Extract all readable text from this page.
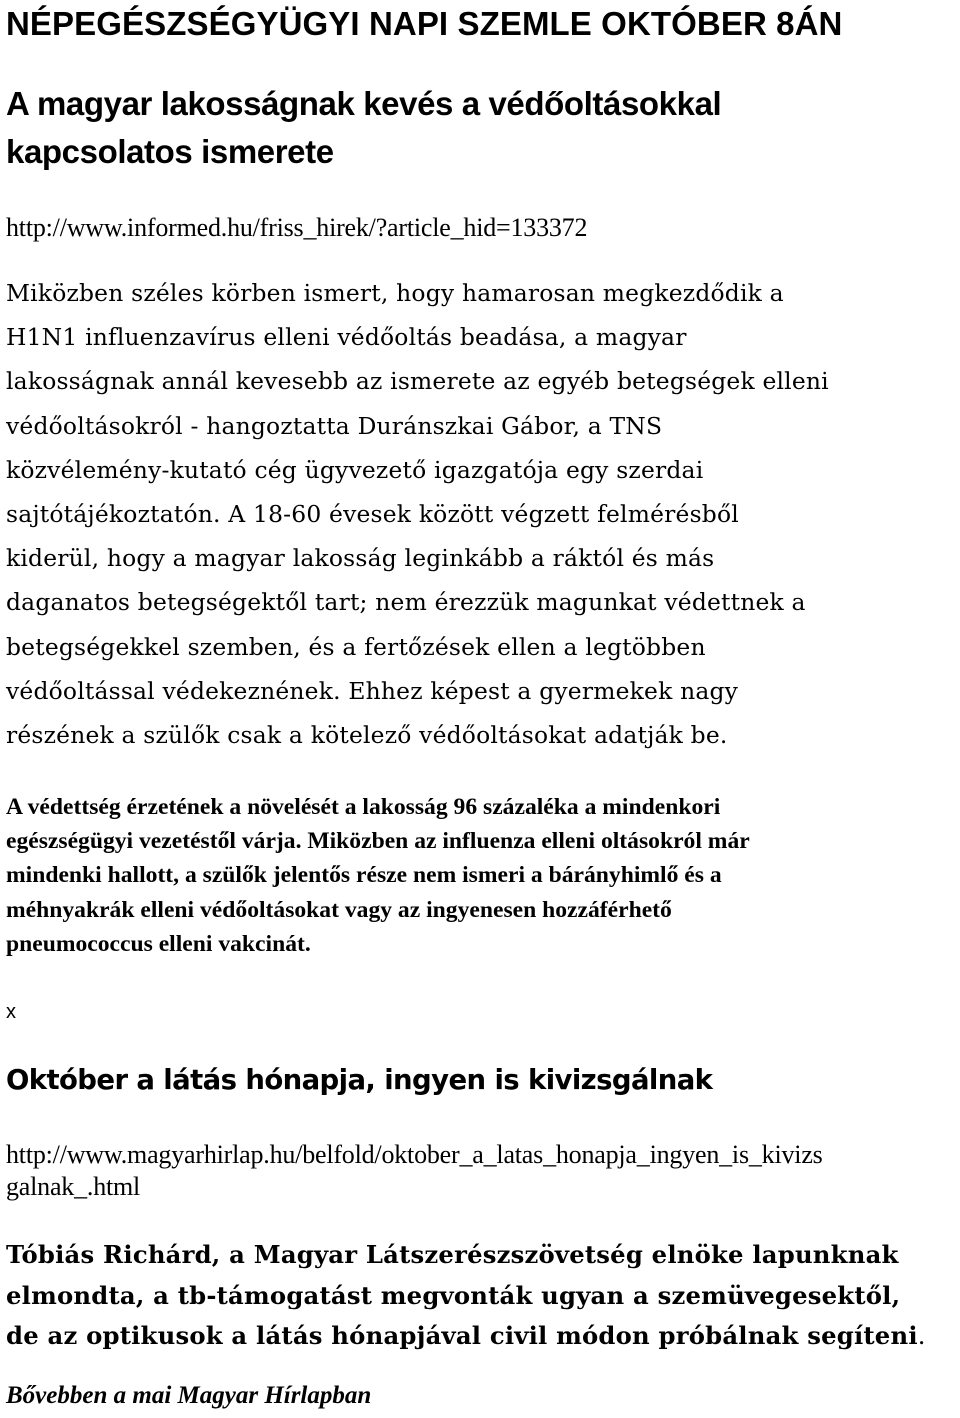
NÉPEGÉSZSÉGYÜGYI NAPI SZEMLE OKTÓBER 8ÁN
A magyar lakosságnak kevés a védőoltásokkal
kapcsolatos ismerete
http://www.informed.hu/friss_hirek/?article_hid=133372

Miközben széles körben ismert, hogy hamarosan megkezdődik a
H1N1 influenzavírus elleni védőoltás beadása, a magyar
lakosságnak annál kevesebb az ismerete az egyéb betegségek elleni
védőoltásokról - hangoztatta Duránszkai Gábor, a TNS
közvélemény-kutató cég ügyvezető igazgatója egy szerdai
sajtótájékoztatón. A 18-60 évesek között végzett felmérésből
kiderül, hogy a magyar lakosság leginkább a ráktól és más
daganatos betegségektől tart; nem érezzük magunkat védettnek a
betegségekkel szemben, és a fertőzések ellen a legtöbben
védőoltással védekeznének. Ehhez képest a gyermekek nagy
részének a szülők csak a kötelező védőoltásokat adatják be.

A védettség érzetének a növelését a lakosság 96 százaléka a mindenkori
egészségügyi vezetéstől várja. Miközben az influenza elleni oltásokról már
mindenki hallott, a szülők jelentős része nem ismeri a bárányhimlő és a
méhnyakrák elleni védőoltásokat vagy az ingyenesen hozzáférhető
pneumococcus elleni vakcinát.

x
Október a látás hónapja, ingyen is kivizsgálnak
http://www.magyarhirlap.hu/belfold/oktober_a_latas_honapja_ingyen_is_kivizs
galnak_.html

Tóbiás Richárd, a Magyar Látszerészszövetség elnöke lapunknak
elmondta, a tb-támogatást megvonták ugyan a szemüvegesektől,
de az optikusok a látás hónapjával civil módon próbálnak segíteni.

Bővebben a mai Magyar Hírlapban
